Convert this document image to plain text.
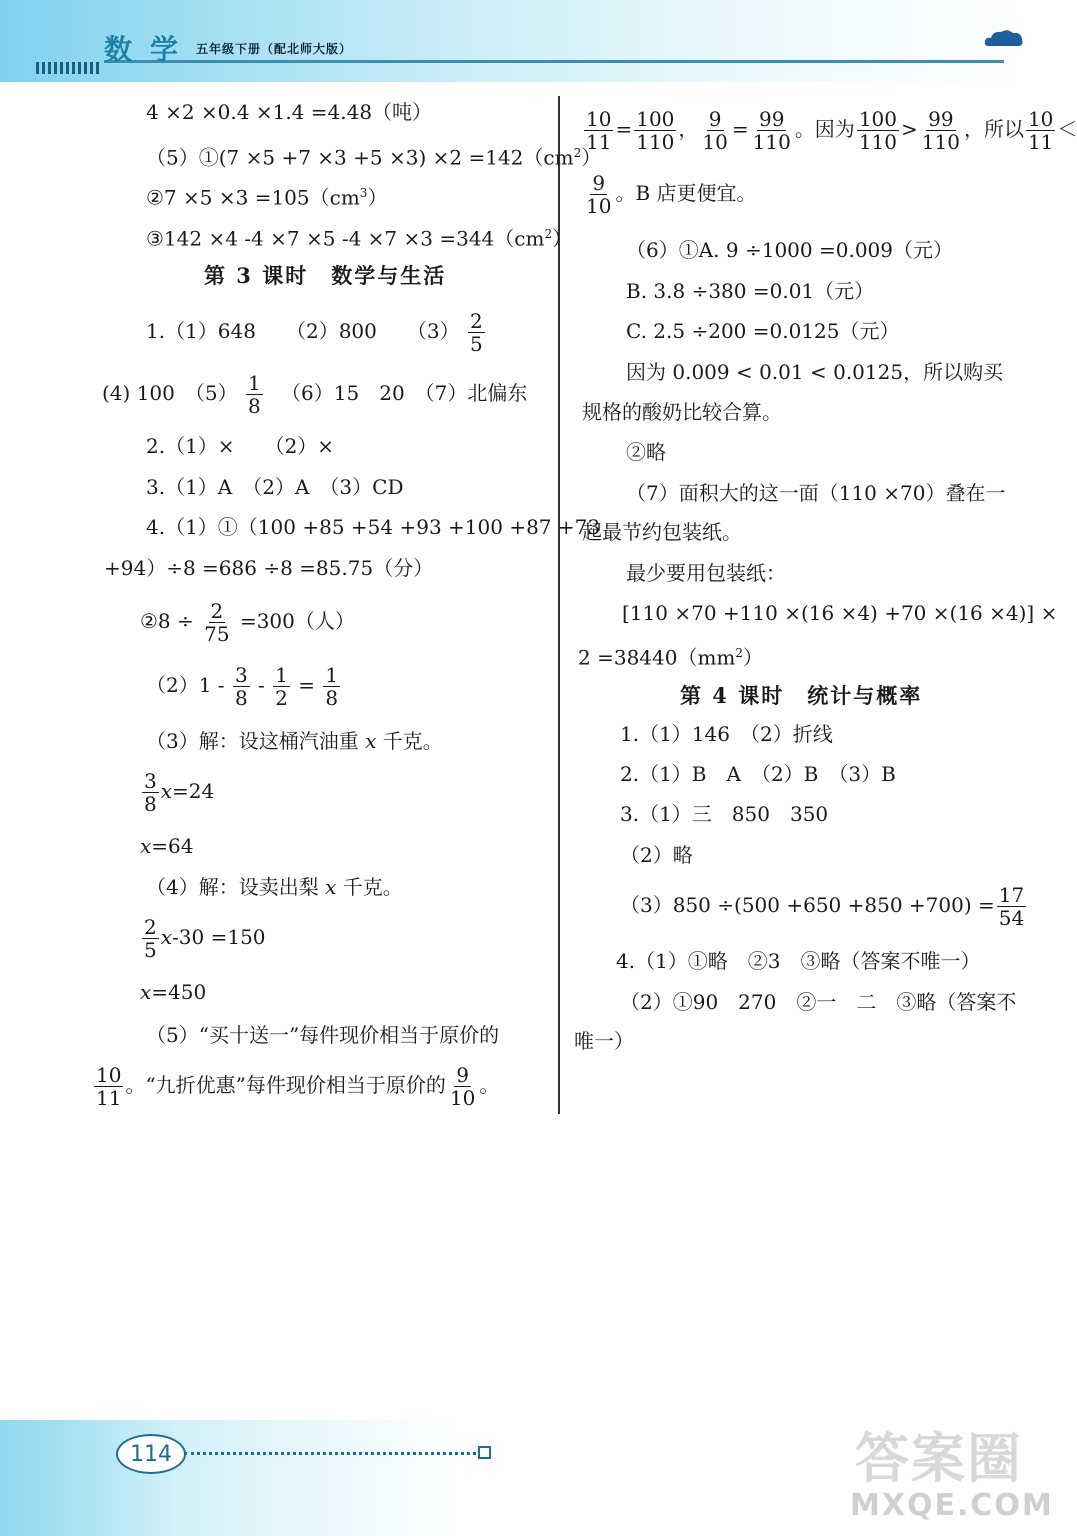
数学 五年级下册（配北师大版）
4 ×2 ×0.4 ×1.4 =4.48（吨）
（5）①(7 $\times 5 +7 \times 3 +5 \times 3) \times 2 =142(cm^2)$
②7 $\times 5 \times 3 =105(cm^3)$
③142 ×4 -4 ×7 ×5 $-4 \times 7 \times 3 =344(cm^2)$
第 3 课时　数学与生活
1.（1）648　　（2）800　　$(3) \frac{2}{5}$
(4) 100　$(5) \frac{1}{8}$ 　（6）15　20　（7）北偏东
2.（1）×　　（2）×
3.（1）A　（2）A　（3）CD
4.（1）①（100 +85 +54 +93 +100 +87 +73
+94）÷8 =686 ÷8 =85.75（分）
②8 ÷ $\frac{2}{75} =300$（人）
$(2)1 - \frac{3}{8} - \frac{1}{2} = \frac{1}{8}$
（3）解：设这桶汽油重 x 千克。
$\frac{3}{8} x=24$
x=64
（4）解：设卖出梨 x 千克。
$\frac{2}{5} x-30 =150$
x=450
（5）“买十送一”每件现价相当于原价的
$\frac{10}{11}$ 。“九折优惠”每件现价相当于原价的 $\frac{9}{10}$ 。
$\frac{10}{11} = \frac{100}{110}$ ， $\frac{9}{10} = \frac{99}{110}$ 。因为 $\frac{100}{110} > \frac{99}{110}$ ，所以 $\frac{10}{11}$ ＜
$\frac{9}{10}$ 。B 店更便宜。
（6）①A. 9 ÷1000 =0.009（元）
B. 3.8 ÷380 =0.01（元）
C. 2.5 ÷200 =0.0125（元）
因为 0.009 < 0.01 < 0.0125，所以购买
规格的酸奶比较合算。
②略
（7）面积大的这一面（110 ×70）叠在一
起最节约包装纸。
最少要用包装纸：
[110 ×70 +110 ×(16 ×4) +70 ×(16 ×4)] ×
$2 =38440(mm^2)$
第 4 课时　统计与概率
1.（1）146　（2）折线
2.（1）B　A　（2）B　（3）B
3.（1）三　850　350
（2）略
$(3)850 \div(500 +650 +850 +700) = \frac{17}{54}$
4.（1）①略　②3　③略（答案不唯一）
（2）①90　270　②一　二　③略（答案不
唯一）
114	答案圈
MXQE.COM
